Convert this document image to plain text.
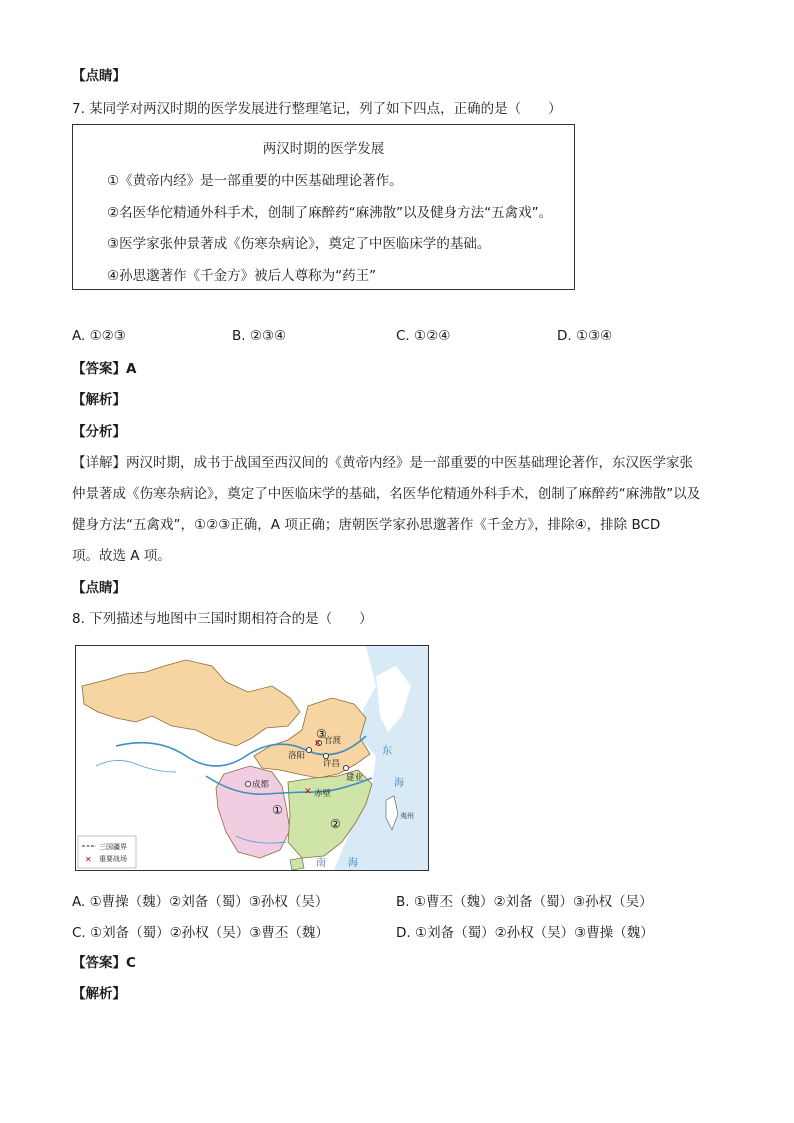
【点睛】
7. 某同学对两汉时期的医学发展进行整理笔记，列了如下四点，正确的是（　　）
两汉时期的医学发展
①《黄帝内经》是一部重要的中医基础理论著作。
②名医华佗精通外科手术，创制了麻醉药“麻沸散”以及健身方法“五禽戏”。
③医学家张仲景著成《伤寒杂病论》，奠定了中医临床学的基础。
④孙思邈著作《千金方》被后人尊称为“药王”
A. ①②③	B. ②③④	C. ①②④	D. ①③④
【答案】A
【解析】
【分析】
【详解】两汉时期，成书于战国至西汉间的《黄帝内经》是一部重要的中医基础理论著作，东汉医学家张
仲景著成《伤寒杂病论》，奠定了中医临床学的基础，名医华佗精通外科手术，创制了麻醉药“麻沸散”以及
健身方法“五禽戏”，①②③正确，A 项正确；唐朝医学家孙思邈著作《千金方》，排除④，排除 BCD
项。故选 A 项。
【点睛】
8. 下列描述与地图中三国时期相符合的是（　　）
✕
✕
官渡
洛阳
许昌
成都
建业
赤壁
东
海
南 海
夷州
③
①
②
三国疆界
✕ 重要战场
A. ①曹操（魏）②刘备（蜀）③孙权（吴）	B. ①曹丕（魏）②刘备（蜀）③孙权（吴）
C. ①刘备（蜀）②孙权（吴）③曹丕（魏）	D. ①刘备（蜀）②孙权（吴）③曹操（魏）
【答案】C
【解析】
